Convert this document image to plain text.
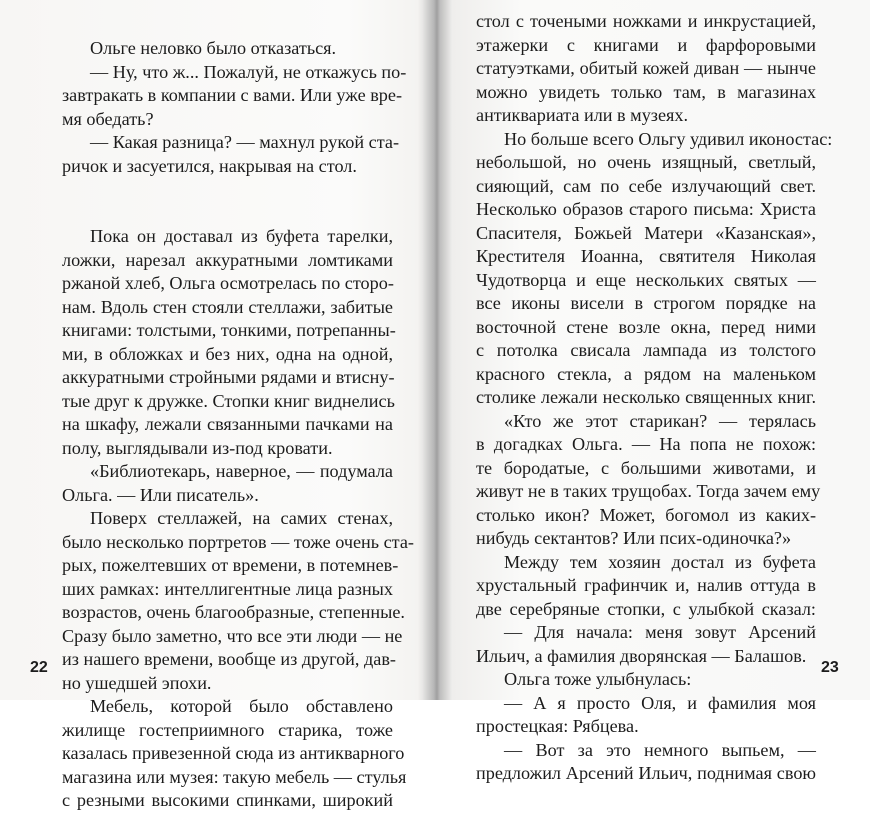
Ольге неловко было отказаться.
— Ну, что ж... Пожалуй, не откажусь по-
завтракать в компании с вами. Или уже вре-
мя обедать?
— Какая разница? — махнул рукой ста-
ричок и засуетился, накрывая на стол.
Пока он доставал из буфета тарелки,
ложки, нарезал аккуратными ломтиками
ржаной хлеб, Ольга осмотрелась по сторо-
нам. Вдоль стен стояли стеллажи, забитые
книгами: толстыми, тонкими, потрепанны-
ми, в обложках и без них, одна на одной,
аккуратными стройными рядами и втисну-
тые друг к дружке. Стопки книг виднелись
на шкафу, лежали связанными пачками на
полу, выглядывали из-под кровати.
«Библиотекарь, наверное, — подумала
Ольга. — Или писатель».
Поверх стеллажей, на самих стенах,
было несколько портретов — тоже очень ста-
рых, пожелтевших от времени, в потемнев-
ших рамках: интеллигентные лица разных
возрастов, очень благообразные, степенные.
Сразу было заметно, что все эти люди — не
из нашего времени, вообще из другой, дав-
но ушедшей эпохи.
Мебель, которой было обставлено
жилище гостеприимного старика, тоже
казалась привезенной сюда из антикварного
магазина или музея: такую мебель — стулья
с резными высокими спинками, широкий
22
стол с точеными ножками и инкрустацией,
этажерки с книгами и фарфоровыми
статуэтками, обитый кожей диван — нынче
можно увидеть только там, в магазинах
антиквариата или в музеях.
Но больше всего Ольгу удивил иконостас:
небольшой, но очень изящный, светлый,
сияющий, сам по себе излучающий свет.
Несколько образов старого письма: Христа
Спасителя, Божьей Матери «Казанская»,
Крестителя Иоанна, святителя Николая
Чудотворца и еще нескольких святых —
все иконы висели в строгом порядке на
восточной стене возле окна, перед ними
с потолка свисала лампада из толстого
красного стекла, а рядом на маленьком
столике лежали несколько священных книг.
«Кто же этот старикан? — терялась
в догадках Ольга. — На попа не похож:
те бородатые, с большими животами, и
живут не в таких трущобах. Тогда зачем ему
столько икон? Может, богомол из каких-
нибудь сектантов? Или псих-одиночка?»
Между тем хозяин достал из буфета
хрустальный графинчик и, налив оттуда в
две серебряные стопки, с улыбкой сказал:
— Для начала: меня зовут Арсений
Ильич, а фамилия дворянская — Балашов.
Ольга тоже улыбнулась:
— А я просто Оля, и фамилия моя
простецкая: Рябцева.
— Вот за это немного выпьем, —
предложил Арсений Ильич, поднимая свою
23
